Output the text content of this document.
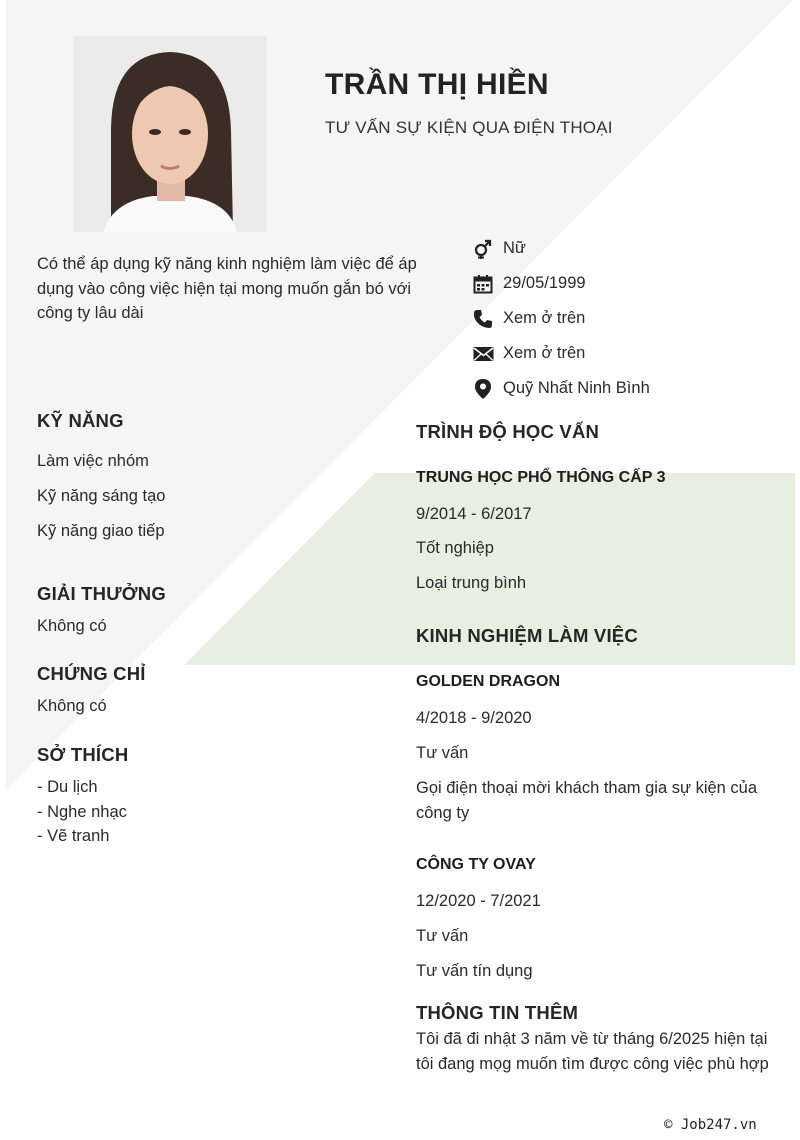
TRẦN THỊ HIỀN
TƯ VẤN SỰ KIỆN QUA ĐIỆN THOẠI
Có thể áp dụng kỹ năng kinh nghiệm làm việc để áp dụng vào công việc hiện tại mong muốn gắn bó với công ty lâu dài
Nữ
29/05/1999
Xem ở trên
Xem ở trên
Quỹ Nhất Ninh Bình
KỸ NĂNG
Làm việc nhóm
Kỹ năng sáng tạo
Kỹ năng giao tiếp
GIẢI THƯỞNG
Không có
CHỨNG CHỈ
Không có
SỞ THÍCH
- Du lịch
- Nghe nhạc
- Vẽ tranh
TRÌNH ĐỘ HỌC VẤN
TRUNG HỌC PHỔ THÔNG CẤP 3
9/2014 - 6/2017
Tốt nghiệp
Loại trung bình
KINH NGHIỆM LÀM VIỆC
GOLDEN DRAGON
4/2018 - 9/2020
Tư vấn
Gọi điện thoại mời khách tham gia sự kiện của công ty
CÔNG TY OVAY
12/2020 - 7/2021
Tư vấn
Tư vấn tín dụng
THÔNG TIN THÊM
Tôi đã đi nhật 3 năm về từ tháng 6/2025 hiện tại tôi đang mọg muốn tìm được công việc phù hợp
© Job247.vn
